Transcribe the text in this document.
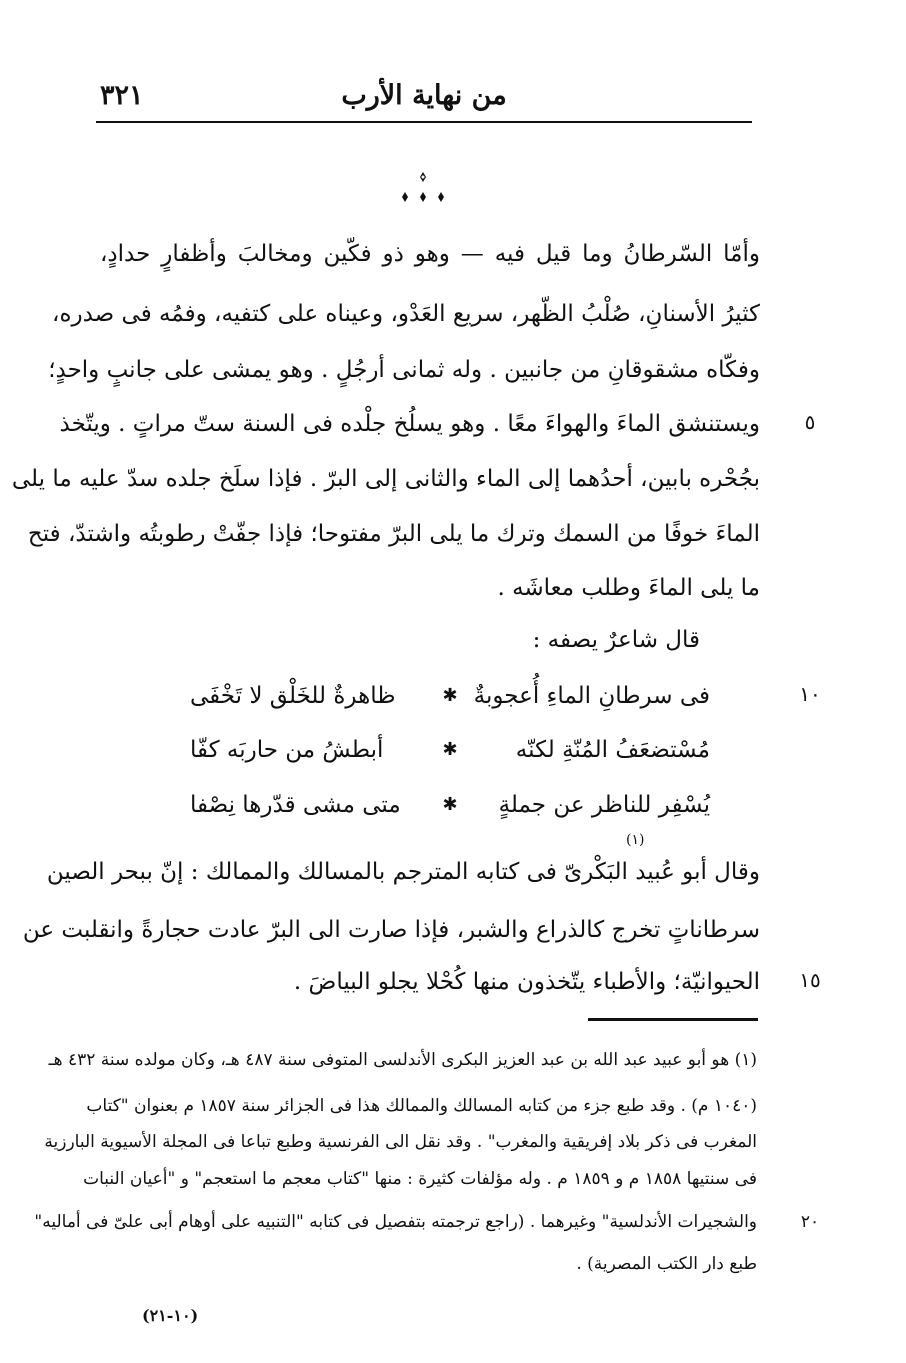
من نهاية الأرب
٣٢١
وأمّا السّرطانُ وما قيل فيه — وهو ذو فكّين ومخالبَ وأظفارٍ حدادٍ،
كثيرُ الأسنانِ، صُلْبُ الظّهر، سريع العَدْو، وعيناه على كتفيه، وفمُه فى صدره،
وفكّاه مشقوقانِ من جانبين . وله ثمانى أرجُلٍ . وهو يمشى على جانبٍ واحدٍ؛
ويستنشق الماءَ والهواءَ معًا . وهو يسلُخ جلْده فى السنة ستّ مراتٍ . ويتّخذ
بجُحْره بابين، أحدُهما إلى الماء والثانى إلى البرّ . فإذا سلَخ جلده سدّ عليه ما يلى
الماءَ خوفًا من السمك وترك ما يلى البرّ مفتوحا؛ فإذا جفّتْ رطوبتُه واشتدّ، فتح
ما يلى الماءَ وطلب معاشَه .
٥
قال شاعرٌ يصفه :
فى سرطانِ الماءِ أُعجوبةٌ
✱
ظاهرةٌ للخَلْق لا تَخْفَى
مُسْتضعَفُ المُنّةِ لكنّه
✱
أبطشُ من حاربَه كفّا
يُسْفِر للناظر عن جملةٍ
✱
متى مشى قدّرها نِصْفا
١٠
(١)
وقال أبو عُبيد البَكْرىّ فى كتابه المترجم بالمسالك والممالك : إنّ ببحر الصين
سرطاناتٍ تخرج كالذراع والشبر، فإذا صارت الى البرّ عادت حجارةً وانقلبت عن
الحيوانيّة؛ والأطباء يتّخذون منها كُحْلا يجلو البياضَ .	١٥
(١) هو أبو عبيد عبد الله بن عبد العزيز البكرى الأندلسى المتوفى سنة ٤٨٧ هـ، وكان مولده سنة ٤٣٢ هـ
(١٠٤٠ م) . وقد طبع جزء من كتابه المسالك والممالك هذا فى الجزائر سنة ١٨٥٧ م بعنوان "كتاب
المغرب فى ذكر بلاد إفريقية والمغرب" . وقد نقل الى الفرنسية وطبع تباعا فى المجلة الأسيوية البارزية
فى سنتيها ١٨٥٨ م و ١٨٥٩ م . وله مؤلفات كثيرة : منها "كتاب معجم ما استعجم" و "أعيان النبات
والشجيرات الأندلسية" وغيرهما . (راجع ترجمته بتفصيل فى كتابه "التنبيه على أوهام أبى علىّ فى أماليه"
طبع دار الكتب المصرية) .
٢٠
(١٠-٢١)
